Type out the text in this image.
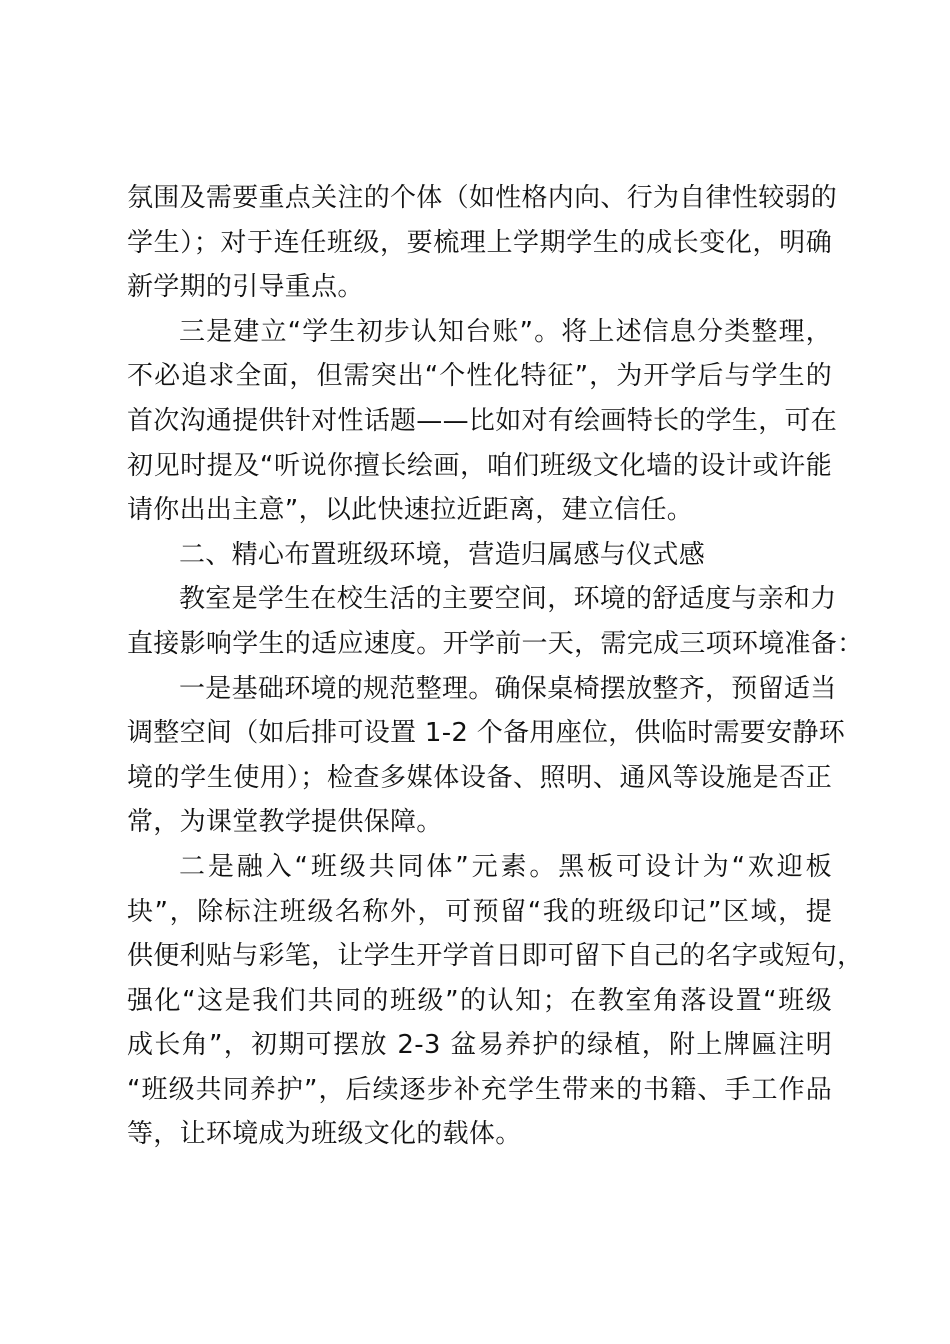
氛围及需要重点关注的个体（如性格内向、行为自律性较弱的
学生）；对于连任班级，要梳理上学期学生的成长变化，明确
新学期的引导重点。
三是建立“学生初步认知台账”。将上述信息分类整理，
不必追求全面，但需突出“个性化特征”，为开学后与学生的
首次沟通提供针对性话题——比如对有绘画特长的学生，可在
初见时提及“听说你擅长绘画，咱们班级文化墙的设计或许能
请你出出主意”，以此快速拉近距离，建立信任。
二、精心布置班级环境，营造归属感与仪式感
教室是学生在校生活的主要空间，环境的舒适度与亲和力
直接影响学生的适应速度。开学前一天，需完成三项环境准备：
一是基础环境的规范整理。确保桌椅摆放整齐，预留适当
调整空间（如后排可设置 1-2 个备用座位，供临时需要安静环
境的学生使用）；检查多媒体设备、照明、通风等设施是否正
常，为课堂教学提供保障。
二是融入“班级共同体”元素。黑板可设计为“欢迎板
块”，除标注班级名称外，可预留“我的班级印记”区域，提
供便利贴与彩笔，让学生开学首日即可留下自己的名字或短句，
强化“这是我们共同的班级”的认知；在教室角落设置“班级
成长角”，初期可摆放 2-3 盆易养护的绿植，附上牌匾注明
“班级共同养护”，后续逐步补充学生带来的书籍、手工作品
等，让环境成为班级文化的载体。
